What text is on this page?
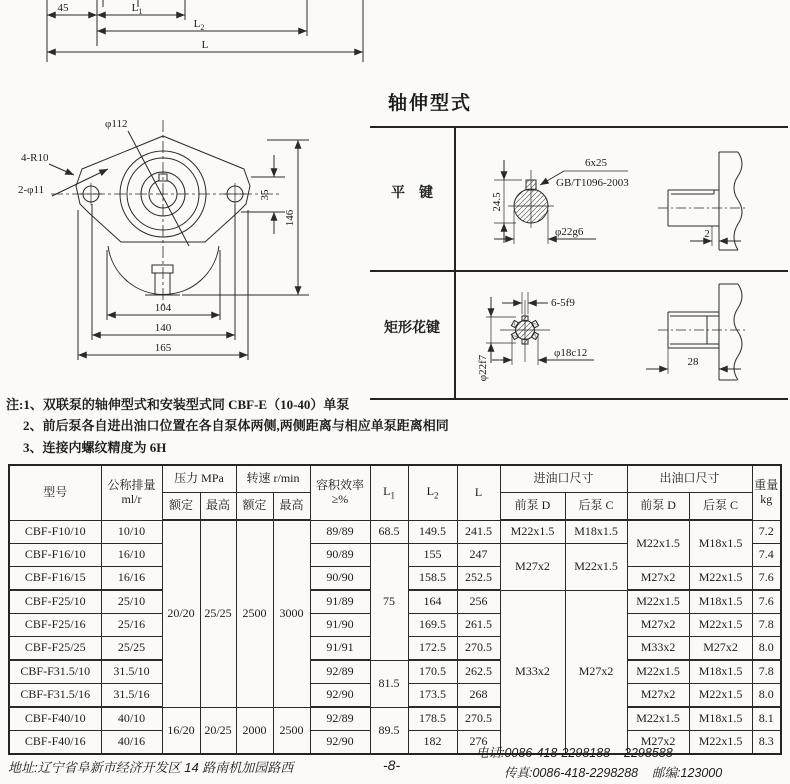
45	$L_1$
$L_2$
L
φ112
4-R10
2-φ11
104
140
165
35
146
轴伸型式
平　键
矩形花键
24.5
φ22g6
6x25
GB/T1096-2003
2
6-5f9
φ18c12
φ22f7	28
注:1、双联泵的轴伸型式和安装型式同 CBF-E（10-40）单泵
2、前后泵各自进出油口位置在各自泵体两侧,两侧距离与相应单泵距离相同
3、连接内螺纹精度为 6H
型号	公称排量
ml/r	压力 MPa		转速 r/min		容积效率
≥%	$L_1$	$L_2$	L	进油口尺寸		出油口尺寸		重量
kg

		额定	最高	额定	最高					前泵 D	后泵 C	前泵 D	后泵 C	
CBF-F10/10	10/10	20/20	25/25	2500	3000	89/89	68.5	149.5	241.5	M22x1.5	M18x1.5	M22x1.5	M18x1.5	7.2
CBF-F16/10	16/10					90/89	75	155	247	M27x2	M22x1.5			7.4
CBF-F16/15	16/16					90/90		158.5	252.5			M27x2	M22x1.5	7.6
CBF-F25/10	25/10					91/89		164	256	M33x2	M27x2	M22x1.5	M18x1.5	7.6
CBF-F25/16	25/16					91/90		169.5	261.5			M27x2	M22x1.5	7.8
CBF-F25/25	25/25					91/91		172.5	270.5			M33x2	M27x2	8.0
CBF-F31.5/10	31.5/10					92/89	81.5	170.5	262.5			M22x1.5	M18x1.5	7.8
CBF-F31.5/16	31.5/16					92/90		173.5	268			M27x2	M22x1.5	8.0
CBF-F40/10	40/10	16/20	20/25	2000	2500	92/89	89.5	178.5	270.5			M22x1.5	M18x1.5	8.1
CBF-F40/16	40/16					92/90		182	276			M27x2	M22x1.5	8.3
地址:辽宁省阜新市经济开发区 14 路南机加园路西	-8-
电话:0086-418-2298188    2298588
传真:0086-418-2298288    邮编:123000
